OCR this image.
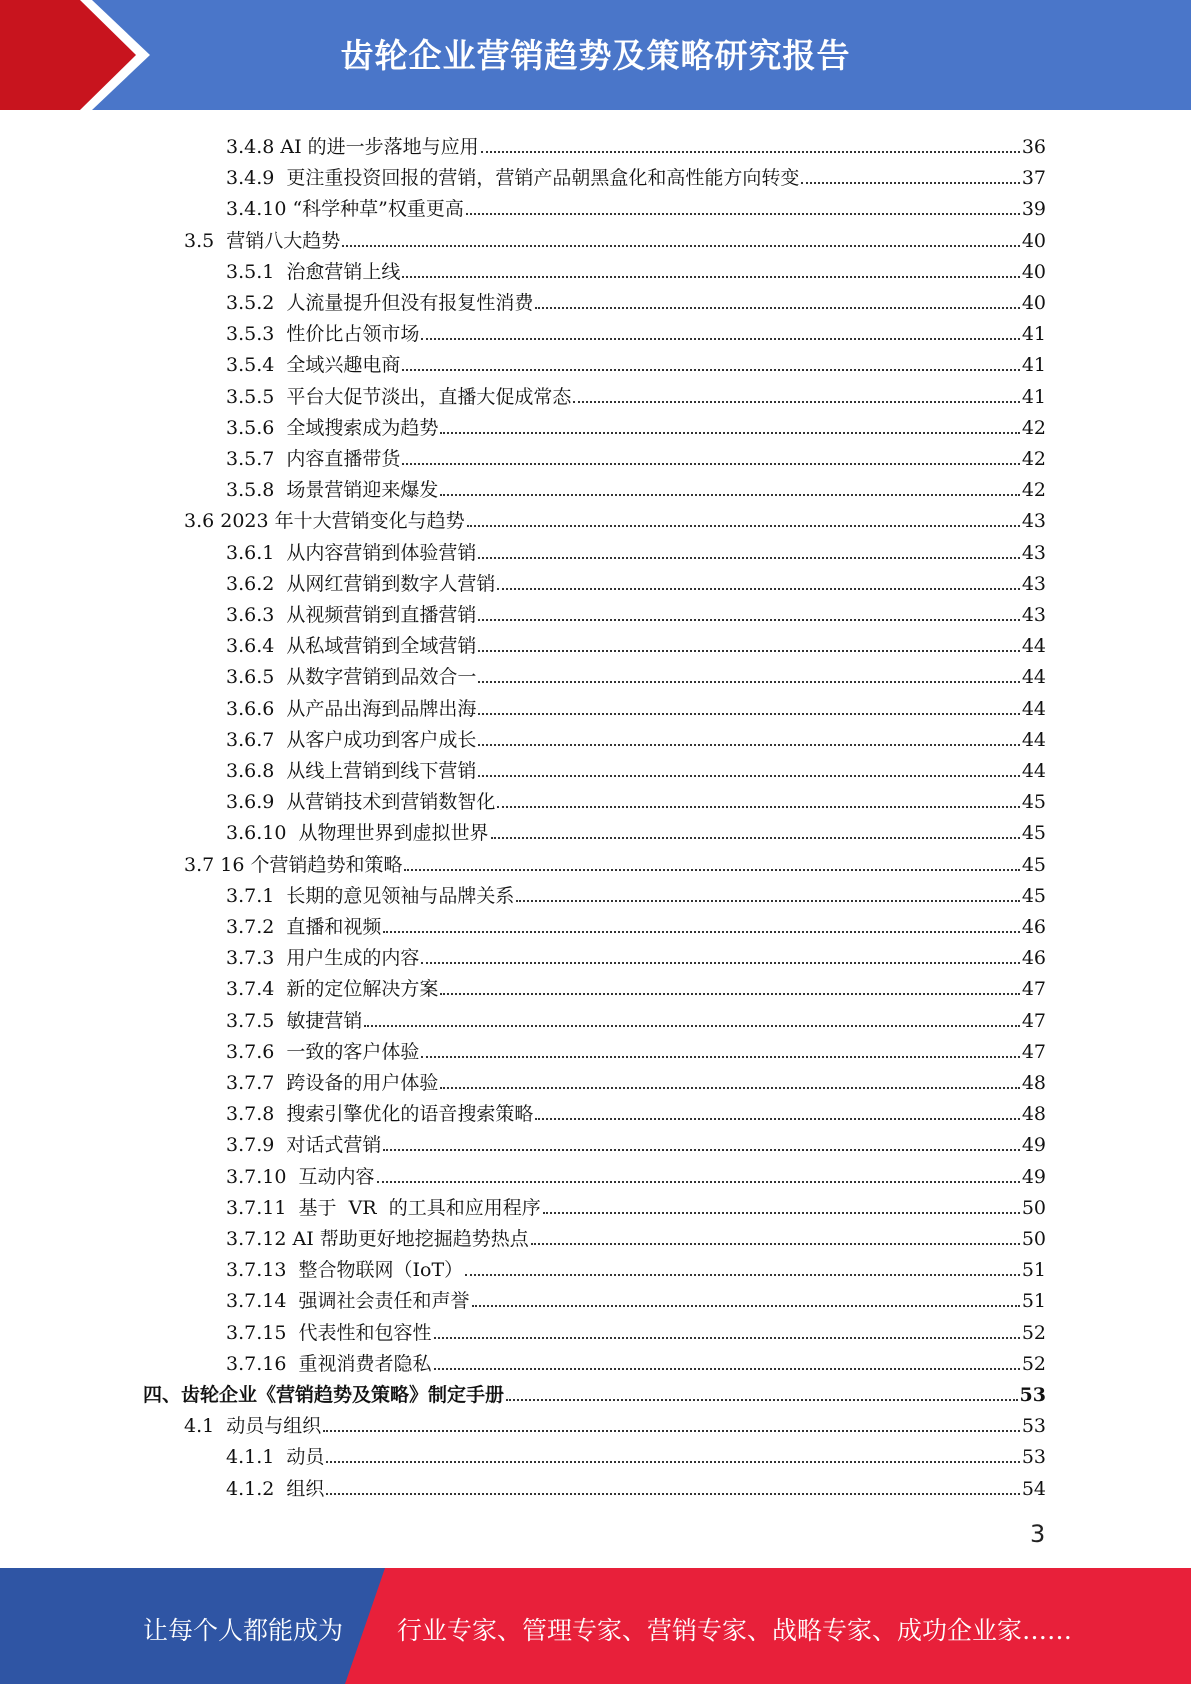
齿轮企业营销趋势及策略研究报告
3.4.8 AI 的进一步落地与应用	36
3.4.9  更注重投资回报的营销，营销产品朝黑盒化和高性能方向转变	37
3.4.10 “科学种草”权重更高	39
3.5  营销八大趋势	40
3.5.1  治愈营销上线	40
3.5.2  人流量提升但没有报复性消费	40
3.5.3  性价比占领市场	41
3.5.4  全域兴趣电商	41
3.5.5  平台大促节淡出，直播大促成常态	41
3.5.6  全域搜索成为趋势	42
3.5.7  内容直播带货	42
3.5.8  场景营销迎来爆发	42
3.6 2023 年十大营销变化与趋势	43
3.6.1  从内容营销到体验营销	43
3.6.2  从网红营销到数字人营销	43
3.6.3  从视频营销到直播营销	43
3.6.4  从私域营销到全域营销	44
3.6.5  从数字营销到品效合一	44
3.6.6  从产品出海到品牌出海	44
3.6.7  从客户成功到客户成长	44
3.6.8  从线上营销到线下营销	44
3.6.9  从营销技术到营销数智化	45
3.6.10  从物理世界到虚拟世界	45
3.7 16 个营销趋势和策略	45
3.7.1  长期的意见领袖与品牌关系	45
3.7.2  直播和视频	46
3.7.3  用户生成的内容	46
3.7.4  新的定位解决方案	47
3.7.5  敏捷营销	47
3.7.6  一致的客户体验	47
3.7.7  跨设备的用户体验	48
3.7.8  搜索引擎优化的语音搜索策略	48
3.7.9  对话式营销	49
3.7.10  互动内容	49
3.7.11  基于  VR  的工具和应用程序	50
3.7.12 AI 帮助更好地挖掘趋势热点	50
3.7.13  整合物联网（IoT）	51
3.7.14  强调社会责任和声誉	51
3.7.15  代表性和包容性	52
3.7.16  重视消费者隐私	52
四、齿轮企业《营销趋势及策略》制定手册	53
4.1  动员与组织	53
4.1.1  动员	53
4.1.2  组织	54
3
让每个人都能成为 行业专家、管理专家、营销专家、战略专家、成功企业家……
